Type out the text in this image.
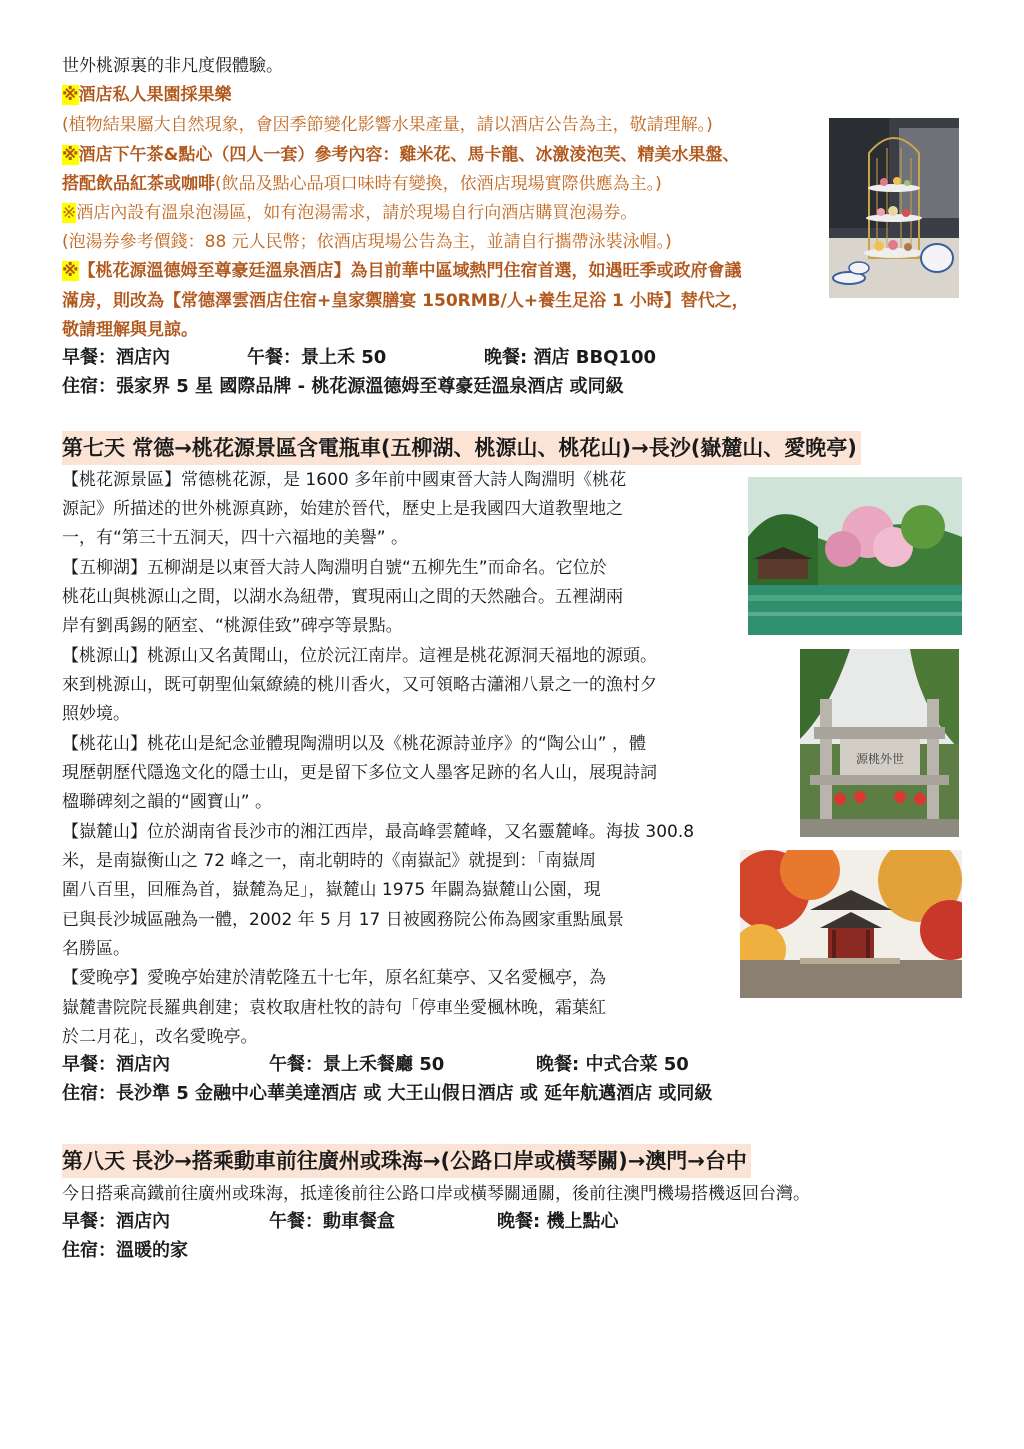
世外桃源裏的非凡度假體驗。
※酒店私人果園採果樂
(植物結果屬大自然現象，會因季節變化影響水果產量，請以酒店公告為主，敬請理解。)
※酒店下午茶&點心（四人一套）參考內容：雞米花、馬卡龍、冰激淩泡芙、精美水果盤、
搭配飲品紅茶或咖啡(飲品及點心品項口味時有變換，依酒店現場實際供應為主。)
※酒店內設有溫泉泡湯區，如有泡湯需求，請於現場自行向酒店購買泡湯券。
(泡湯券參考價錢：88 元人民幣；依酒店現場公告為主，並請自行攜帶泳裝泳帽。)
※【桃花源溫德姆至尊豪廷溫泉酒店】為目前華中區域熱門住宿首選，如遇旺季或政府會議
滿房，則改為【常德澤雲酒店住宿+皇家禦膳宴 150RMB/人+養生足浴 1 小時】替代之，
敬請理解與見諒。
早餐：酒店內	午餐：景上禾 50	晚餐: 酒店 BBQ100
住宿：張家界 5 星 國際品牌 - 桃花源溫德姆至尊豪廷溫泉酒店 或同級
第七天 常德→桃花源景區含電瓶車(五柳湖、桃源山、桃花山)→長沙(嶽麓山、愛晚亭)
【桃花源景區】常德桃花源，是 1600 多年前中國東晉大詩人陶淵明《桃花
源記》所描述的世外桃源真跡，始建於晉代，歷史上是我國四大道教聖地之
一，有“第三十五洞天，四十六福地的美譽” 。
【五柳湖】五柳湖是以東晉大詩人陶淵明自號“五柳先生”而命名。它位於
桃花山與桃源山之間，以湖水為紐帶，實現兩山之間的天然融合。五裡湖兩
岸有劉禹錫的陋室、“桃源佳致”碑亭等景點。
【桃源山】桃源山又名黃聞山，位於沅江南岸。這裡是桃花源洞天福地的源頭。
來到桃源山，既可朝聖仙氣繚繞的桃川香火，又可領略古瀟湘八景之一的漁村夕
照妙境。
【桃花山】桃花山是紀念並體現陶淵明以及《桃花源詩並序》的“陶公山” ，體
現歷朝歷代隱逸文化的隱士山，更是留下多位文人墨客足跡的名人山，展現詩詞
楹聯碑刻之韻的“國寶山” 。
【嶽麓山】位於湖南省長沙市的湘江西岸，最高峰雲麓峰，又名靈麓峰。海拔 300.8
米，是南嶽衡山之 72 峰之一，南北朝時的《南嶽記》就提到：「南嶽周
圍八百里，回雁為首，嶽麓為足」，嶽麓山 1975 年闢為嶽麓山公園，現
已與長沙城區融為一體，2002 年 5 月 17 日被國務院公佈為國家重點風景
名勝區。
【愛晚亭】愛晚亭始建於清乾隆五十七年，原名紅葉亭、又名愛楓亭，為
嶽麓書院院長羅典創建；袁枚取唐杜牧的詩句「停車坐愛楓林晚，霜葉紅
於二月花」，改名愛晚亭。
早餐：酒店內	午餐：景上禾餐廳 50	晚餐: 中式合菜 50
住宿：長沙準 5 金融中心華美達酒店 或 大王山假日酒店 或 延年航邁酒店 或同級
源桃外世
第八天 長沙→搭乘動車前往廣州或珠海→(公路口岸或橫琴關)→澳門→台中
今日搭乘高鐵前往廣州或珠海，抵達後前往公路口岸或橫琴關通關，後前往澳門機場搭機返回台灣。
早餐：酒店內	午餐：動車餐盒	晚餐: 機上點心
住宿：溫暖的家
